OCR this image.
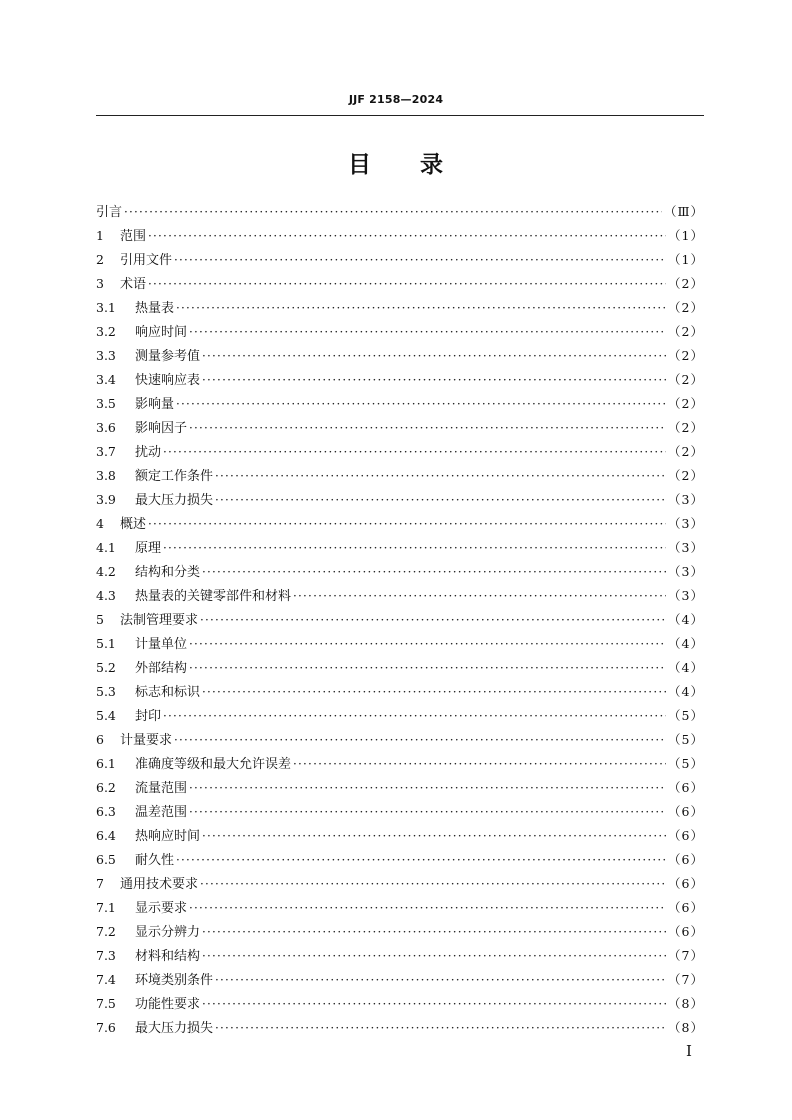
JJF 2158—2024
目 录
引言 ·····	（Ⅲ）
1	范围 ·····	（1）
2	引用文件 ·····	（1）
3	术语 ·····	（2）
3.1	热量表 ·····	（2）
3.2	响应时间 ·····	（2）
3.3	测量参考值 ·····	（2）
3.4	快速响应表 ·····	（2）
3.5	影响量 ·····	（2）
3.6	影响因子 ·····	（2）
3.7	扰动 ·····	（2）
3.8	额定工作条件 ·····	（2）
3.9	最大压力损失 ·····	（3）
4	概述 ·····	（3）
4.1	原理 ·····	（3）
4.2	结构和分类 ·····	（3）
4.3	热量表的关键零部件和材料 ·····	（3）
5	法制管理要求 ·····	（4）
5.1	计量单位 ·····	（4）
5.2	外部结构 ·····	（4）
5.3	标志和标识 ·····	（4）
5.4	封印 ·····	（5）
6	计量要求 ·····	（5）
6.1	准确度等级和最大允许误差 ·····	（5）
6.2	流量范围 ·····	（6）
6.3	温差范围 ·····	（6）
6.4	热响应时间 ·····	（6）
6.5	耐久性 ·····	（6）
7	通用技术要求 ·····	（6）
7.1	显示要求 ·····	（6）
7.2	显示分辨力 ·····	（6）
7.3	材料和结构 ·····	（7）
7.4	环境类别条件 ·····	（7）
7.5	功能性要求 ·····	（8）
7.6	最大压力损失 ·····	（8）
Ⅰ
